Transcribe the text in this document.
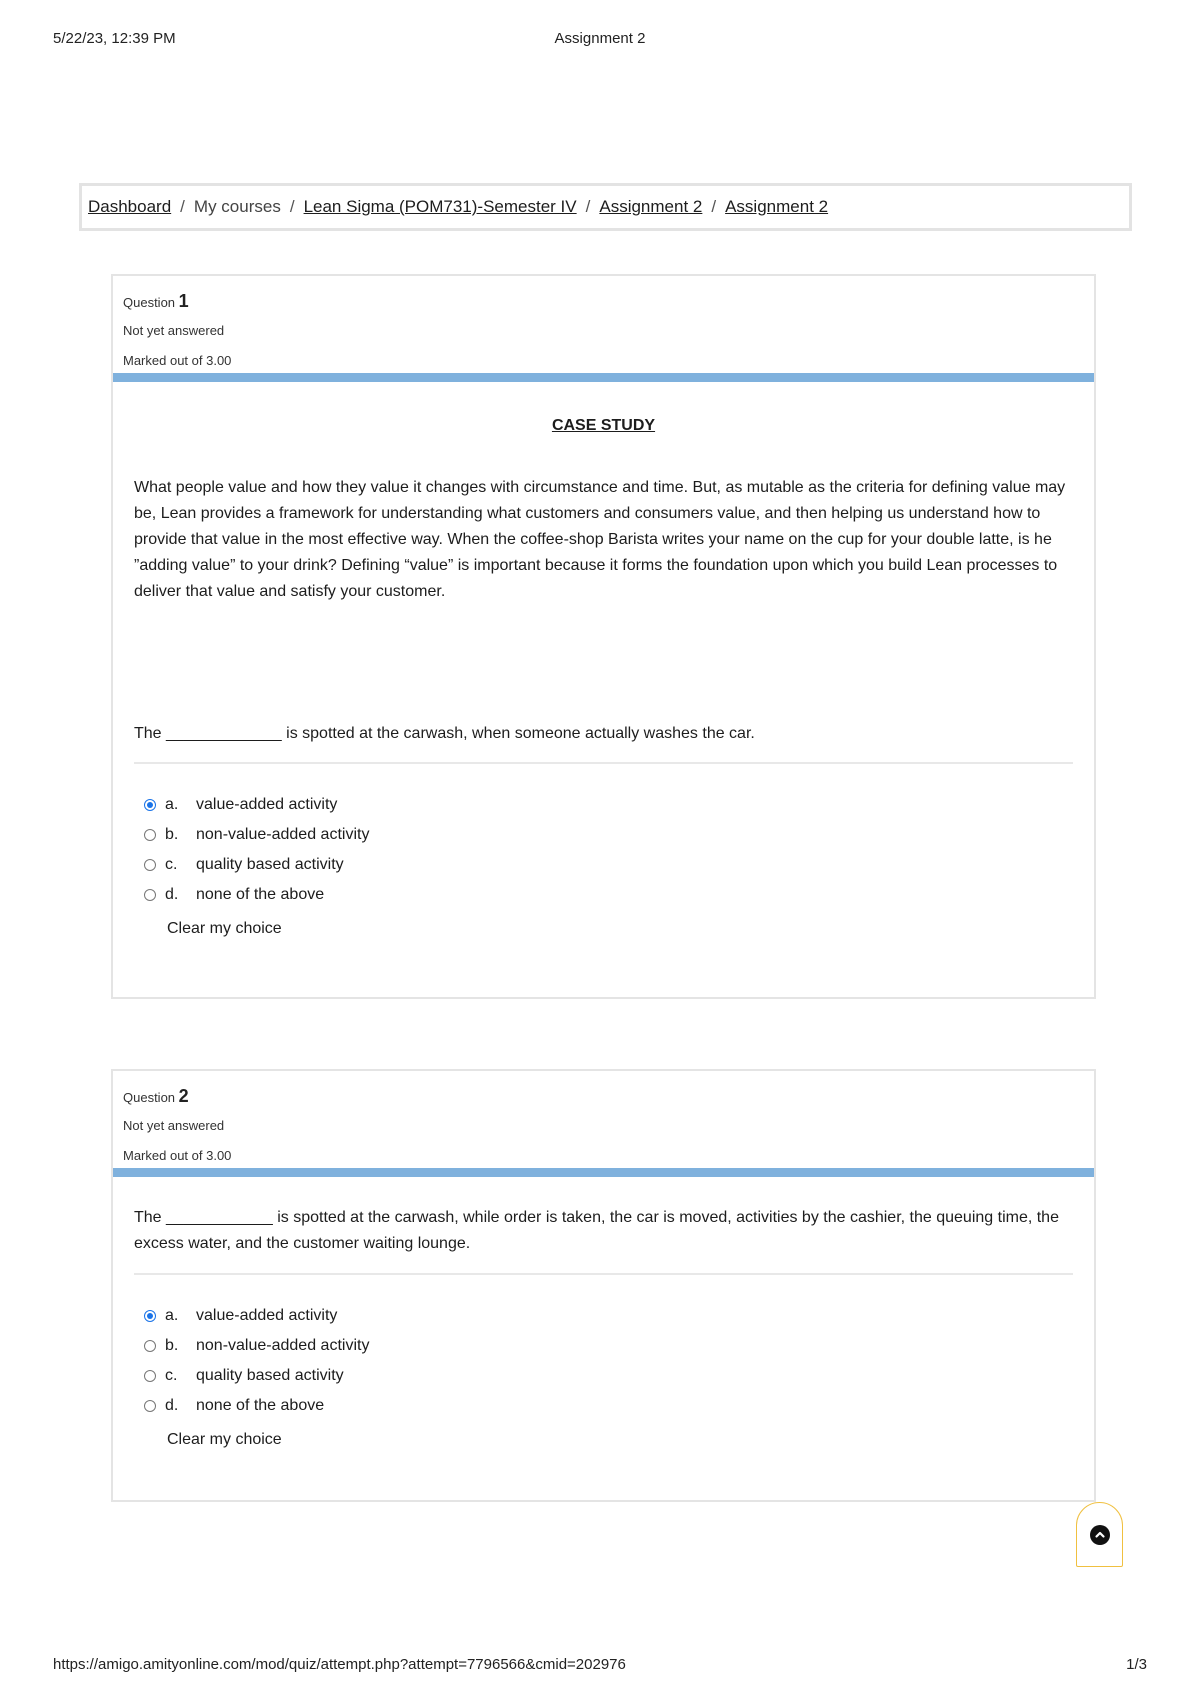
5/22/23, 12:39 PM	Assignment 2
Dashboard / My courses / Lean Sigma (POM731)-Semester IV / Assignment 2 / Assignment 2
Question 1
Not yet answered
Marked out of 3.00
CASE STUDY
What people value and how they value it changes with circumstance and time. But, as mutable as the criteria for defining value may be, Lean provides a framework for understanding what customers and consumers value, and then helping us understand how to provide that value in the most effective way. When the coffee-shop Barista writes your name on the cup for your double latte, is he ”adding value” to your drink? Defining “value” is important because it forms the foundation upon which you build Lean processes to deliver that value and satisfy your customer.
The _____________ is spotted at the carwash, when someone actually washes the car.
a.	value-added activity
b.	non-value-added activity
c.	quality based activity
d.	none of the above
Clear my choice
Question 2
Not yet answered
Marked out of 3.00
The ____________ is spotted at the carwash, while order is taken, the car is moved, activities by the cashier, the queuing time, the excess water, and the customer waiting lounge.
a.	value-added activity
b.	non-value-added activity
c.	quality based activity
d.	none of the above
Clear my choice
https://amigo.amityonline.com/mod/quiz/attempt.php?attempt=7796566&cmid=202976	1/3
